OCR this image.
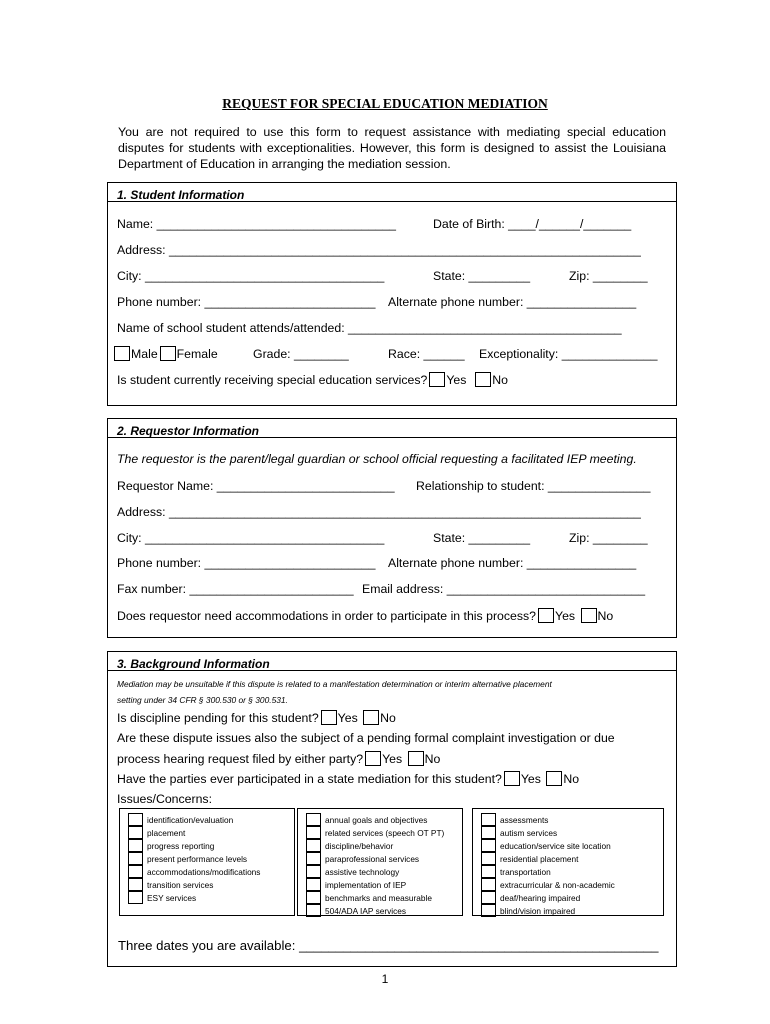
REQUEST FOR SPECIAL EDUCATION MEDIATION
You are not required to use this form to request assistance with mediating special education disputes for students with exceptionalities. However, this form is designed to assist the Louisiana Department of Education in arranging the mediation session.
1. Student Information
Name: ___________________________________	Date of Birth: ____/______/_______
Address: _____________________________________________________________________
City: ___________________________________	State: _________	Zip: ________
Phone number: _________________________ Alternate phone number: ________________
Name of school student attends/attended: ________________________________________
Male Female	Grade: ________	Race: ______ Exceptionality: ______________
Is student currently receiving special education services? Yes No
2. Requestor Information
The requestor is the parent/legal guardian or school official requesting a facilitated IEP meeting.
Requestor Name: __________________________ Relationship to student: _______________
Address: _____________________________________________________________________
City: ___________________________________	State: _________	Zip: ________
Phone number: _________________________ Alternate phone number: ________________
Fax number: ________________________ Email address: _____________________________
Does requestor need accommodations in order to participate in this process? Yes No
3. Background Information
Mediation may be unsuitable if this dispute is related to a manifestation determination or interim alternative placement
setting under 34 CFR § 300.530 or § 300.531.
Is discipline pending for this student? Yes No
Are these dispute issues also the subject of a pending formal complaint investigation or due
process hearing request filed by either party? Yes No
Have the parties ever participated in a state mediation for this student? Yes No
Issues/Concerns:
identification/evaluation
placement
progress reporting
present performance levels
accommodations/modifications
transition services
ESY services
annual goals and objectives
related services (speech OT PT)
discipline/behavior
paraprofessional services
assistive technology
implementation of IEP
benchmarks and measurable
504/ADA IAP services
assessments
autism services
education/service site location
residential placement
transportation
extracurricular & non-academic
deaf/hearing impaired
blind/vision impaired
Three dates you are available: _________________________________________________
1
